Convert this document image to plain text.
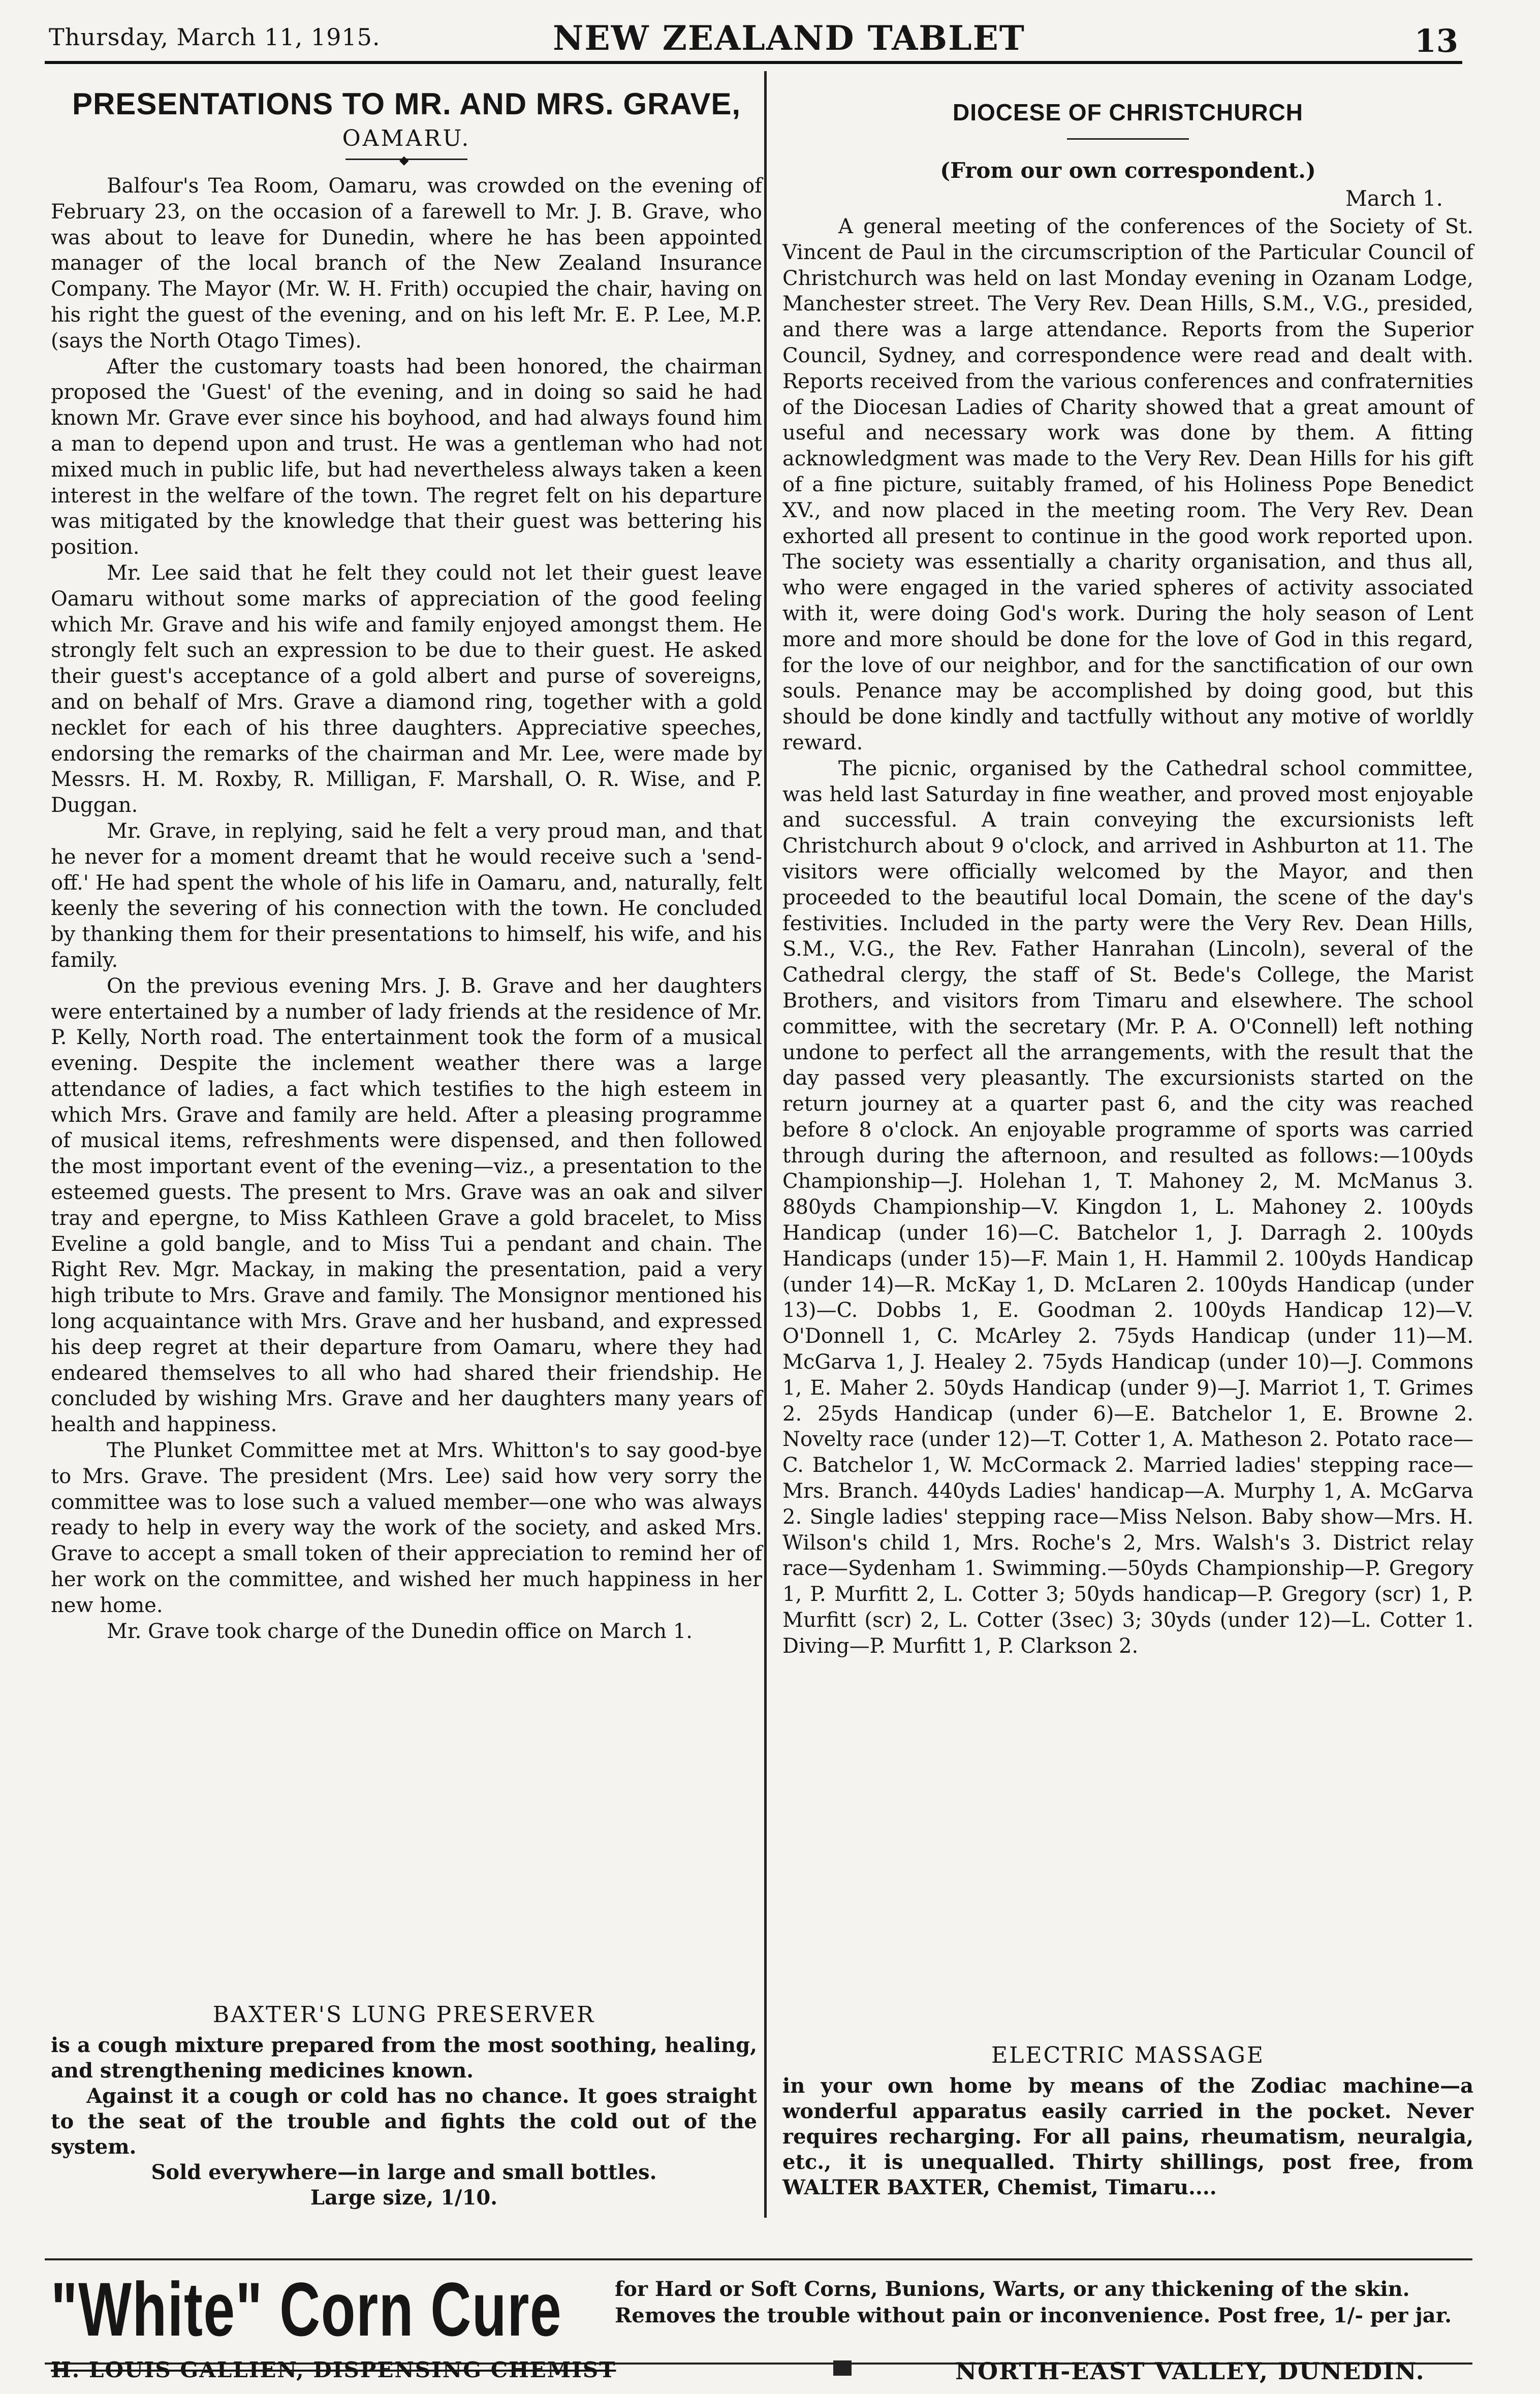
Thursday, March 11, 1915.	NEW ZEALAND TABLET	13
PRESENTATIONS TO MR. AND MRS. GRAVE,
OAMARU.
◆

Balfour's Tea Room, Oamaru, was crowded on the evening of February 23, on the occasion of a farewell to Mr. J. B. Grave, who was about to leave for Dunedin, where he has been appointed manager of the local branch of the New Zealand Insurance Company. The Mayor (Mr. W. H. Frith) occupied the chair, having on his right the guest of the evening, and on his left Mr. E. P. Lee, M.P. (says the North Otago Times).

After the customary toasts had been honored, the chairman proposed the 'Guest' of the evening, and in doing so said he had known Mr. Grave ever since his boyhood, and had always found him a man to depend upon and trust. He was a gentleman who had not mixed much in public life, but had nevertheless always taken a keen interest in the welfare of the town. The regret felt on his departure was mitigated by the knowledge that their guest was bettering his position.

Mr. Lee said that he felt they could not let their guest leave Oamaru without some marks of appreciation of the good feeling which Mr. Grave and his wife and family enjoyed amongst them. He strongly felt such an expression to be due to their guest. He asked their guest's acceptance of a gold albert and purse of sovereigns, and on behalf of Mrs. Grave a diamond ring, together with a gold necklet for each of his three daughters. Appreciative speeches, endorsing the remarks of the chairman and Mr. Lee, were made by Messrs. H. M. Roxby, R. Milligan, F. Marshall, O. R. Wise, and P. Duggan.

Mr. Grave, in replying, said he felt a very proud man, and that he never for a moment dreamt that he would receive such a 'send-off.' He had spent the whole of his life in Oamaru, and, naturally, felt keenly the severing of his connection with the town. He concluded by thanking them for their presentations to himself, his wife, and his family.

On the previous evening Mrs. J. B. Grave and her daughters were entertained by a number of lady friends at the residence of Mr. P. Kelly, North road. The entertainment took the form of a musical evening. Despite the inclement weather there was a large attendance of ladies, a fact which testifies to the high esteem in which Mrs. Grave and family are held. After a pleasing programme of musical items, refreshments were dispensed, and then followed the most important event of the evening—viz., a presentation to the esteemed guests. The present to Mrs. Grave was an oak and silver tray and epergne, to Miss Kathleen Grave a gold bracelet, to Miss Eveline a gold bangle, and to Miss Tui a pendant and chain. The Right Rev. Mgr. Mackay, in making the presentation, paid a very high tribute to Mrs. Grave and family. The Monsignor mentioned his long acquaintance with Mrs. Grave and her husband, and expressed his deep regret at their departure from Oamaru, where they had endeared themselves to all who had shared their friendship. He concluded by wishing Mrs. Grave and her daughters many years of health and happiness.

The Plunket Committee met at Mrs. Whitton's to say good-bye to Mrs. Grave. The president (Mrs. Lee) said how very sorry the committee was to lose such a valued member—one who was always ready to help in every way the work of the society, and asked Mrs. Grave to accept a small token of their appreciation to remind her of her work on the committee, and wished her much happiness in her new home.

Mr. Grave took charge of the Dunedin office on March 1.

DIOCESE OF CHRISTCHURCH
(From our own correspondent.)
March 1.

A general meeting of the conferences of the Society of St. Vincent de Paul in the circumscription of the Particular Council of Christchurch was held on last Monday evening in Ozanam Lodge, Manchester street. The Very Rev. Dean Hills, S.M., V.G., presided, and there was a large attendance. Reports from the Superior Council, Sydney, and correspondence were read and dealt with. Reports received from the various conferences and confraternities of the Diocesan Ladies of Charity showed that a great amount of useful and necessary work was done by them. A fitting acknowledgment was made to the Very Rev. Dean Hills for his gift of a fine picture, suitably framed, of his Holiness Pope Benedict XV., and now placed in the meeting room. The Very Rev. Dean exhorted all present to continue in the good work reported upon. The society was essentially a charity organisation, and thus all, who were engaged in the varied spheres of activity associated with it, were doing God's work. During the holy season of Lent more and more should be done for the love of God in this regard, for the love of our neighbor, and for the sanctification of our own souls. Penance may be accomplished by doing good, but this should be done kindly and tactfully without any motive of worldly reward.

The picnic, organised by the Cathedral school committee, was held last Saturday in fine weather, and proved most enjoyable and successful. A train conveying the excursionists left Christchurch about 9 o'clock, and arrived in Ashburton at 11. The visitors were officially welcomed by the Mayor, and then proceeded to the beautiful local Domain, the scene of the day's festivities. Included in the party were the Very Rev. Dean Hills, S.M., V.G., the Rev. Father Hanrahan (Lincoln), several of the Cathedral clergy, the staff of St. Bede's College, the Marist Brothers, and visitors from Timaru and elsewhere. The school committee, with the secretary (Mr. P. A. O'Connell) left nothing undone to perfect all the arrangements, with the result that the day passed very pleasantly. The excursionists started on the return journey at a quarter past 6, and the city was reached before 8 o'clock. An enjoyable programme of sports was carried through during the afternoon, and resulted as follows:—100yds Championship—J. Holehan 1, T. Mahoney 2, M. McManus 3. 880yds Championship—V. Kingdon 1, L. Mahoney 2. 100yds Handicap (under 16)—C. Batchelor 1, J. Darragh 2. 100yds Handicaps (under 15)—F. Main 1, H. Hammil 2. 100yds Handicap (under 14)—R. McKay 1, D. McLaren 2. 100yds Handicap (under 13)—C. Dobbs 1, E. Goodman 2. 100yds Handicap 12)—V. O'Donnell 1, C. McArley 2. 75yds Handicap (under 11)—M. McGarva 1, J. Healey 2. 75yds Handicap (under 10)—J. Commons 1, E. Maher 2. 50yds Handicap (under 9)—J. Marriot 1, T. Grimes 2. 25yds Handicap (under 6)—E. Batchelor 1, E. Browne 2. Novelty race (under 12)—T. Cotter 1, A. Matheson 2. Potato race—C. Batchelor 1, W. McCormack 2. Married ladies' stepping race—Mrs. Branch. 440yds Ladies' handicap—A. Murphy 1, A. McGarva 2. Single ladies' stepping race—Miss Nelson. Baby show—Mrs. H. Wilson's child 1, Mrs. Roche's 2, Mrs. Walsh's 3. District relay race—Sydenham 1. Swimming.—50yds Championship—P. Gregory 1, P. Murfitt 2, L. Cotter 3; 50yds handicap—P. Gregory (scr) 1, P. Murfitt (scr) 2, L. Cotter (3sec) 3; 30yds (under 12)—L. Cotter 1. Diving—P. Murfitt 1, P. Clarkson 2.

BAXTER'S LUNG PRESERVER

is a cough mixture prepared from the most soothing, healing, and strengthening medicines known.

Against it a cough or cold has no chance. It goes straight to the seat of the trouble and fights the cold out of the system.

Sold everywhere—in large and small bottles.

Large size, 1/10.

ELECTRIC MASSAGE

in your own home by means of the Zodiac machine—a wonderful apparatus easily carried in the pocket. Never requires recharging. For all pains, rheumatism, neuralgia, etc., it is unequalled. Thirty shillings, post free, from WALTER BAXTER, Chemist, Timaru....

"White" Corn Cure	for Hard or Soft Corns, Bunions, Warts, or any thickening of the skin. Removes the trouble without pain or inconvenience. Post free, 1/- per jar.

H. LOUIS GALLIEN, DISPENSING CHEMIST	NORTH-EAST VALLEY, DUNEDIN.
